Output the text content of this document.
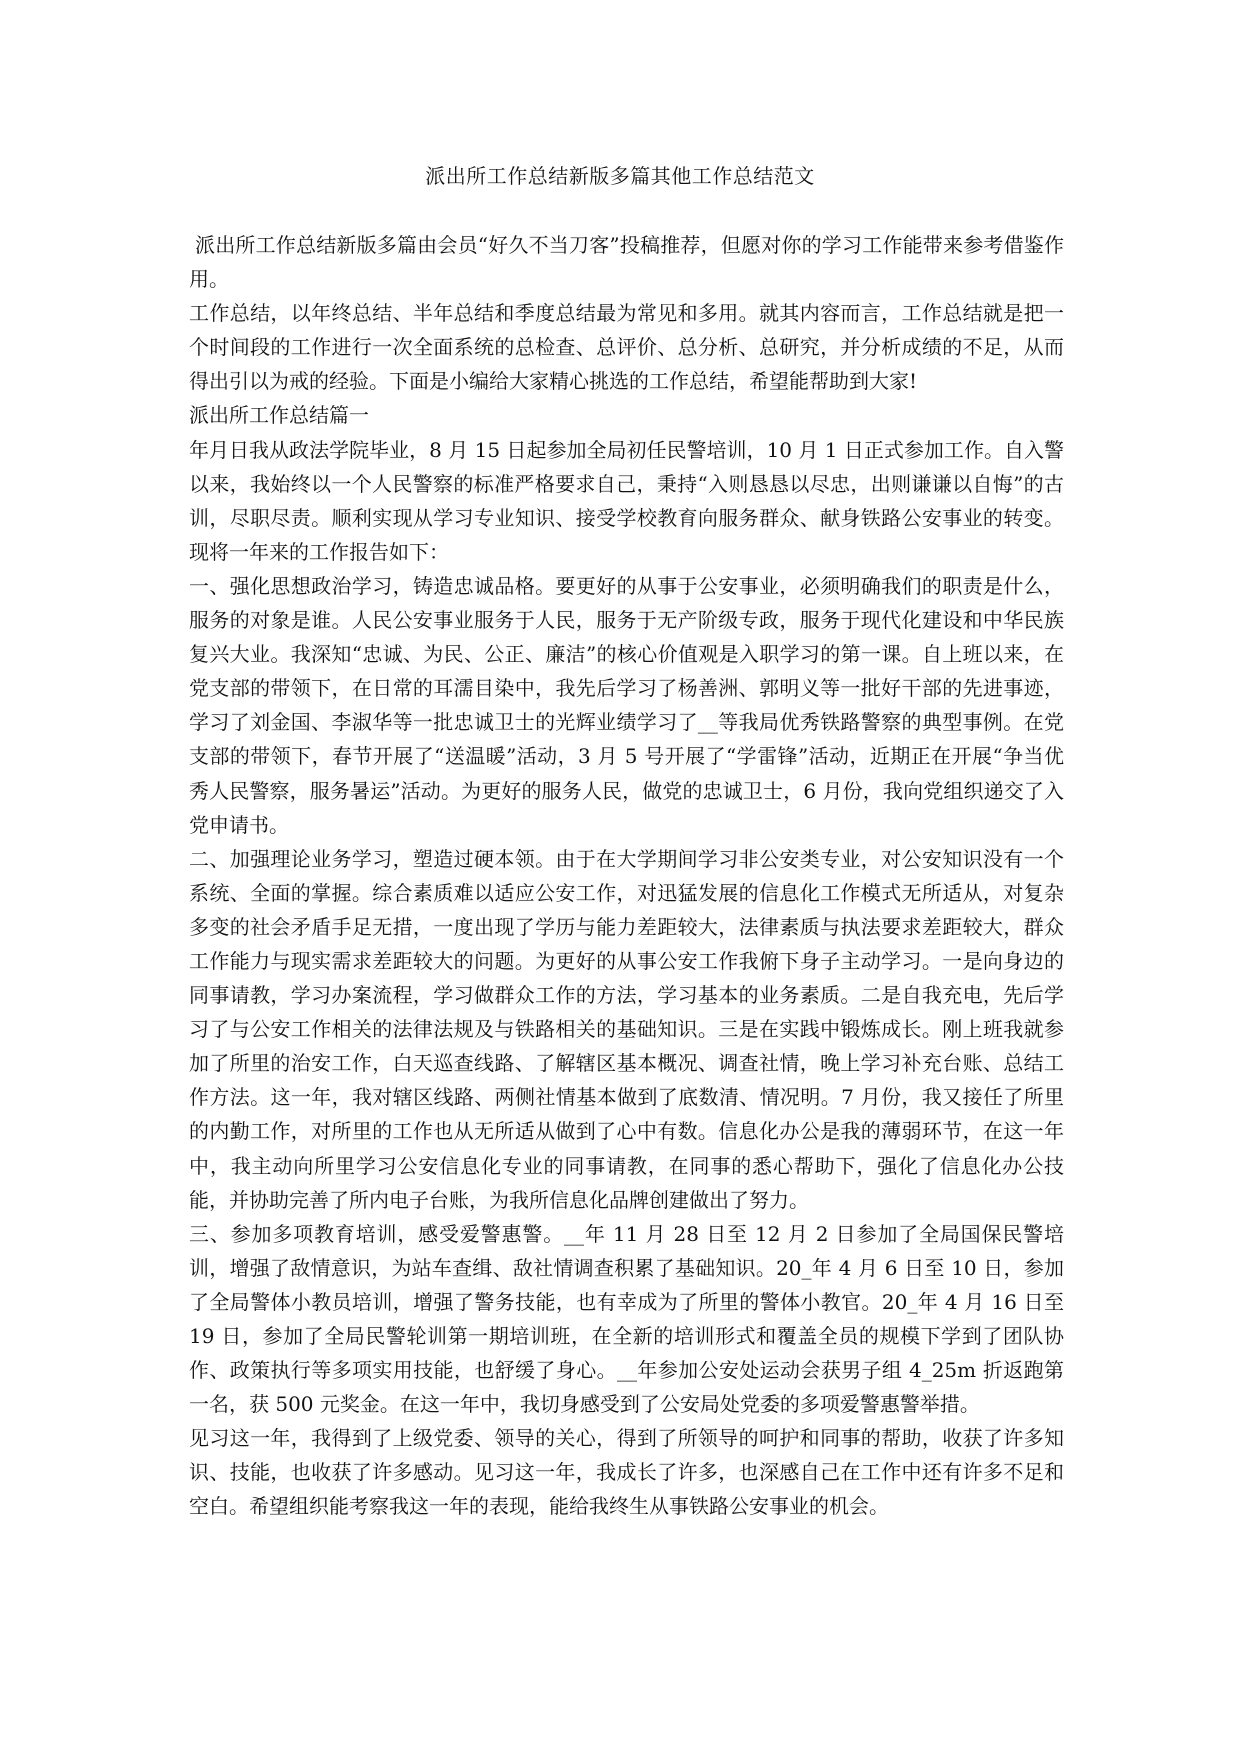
派出所工作总结新版多篇其他工作总结范文

派出所工作总结新版多篇由会员“好久不当刀客”投稿推荐，但愿对你的学习工作能带来参考借鉴作用。

工作总结，以年终总结、半年总结和季度总结最为常见和多用。就其内容而言，工作总结就是把一个时间段的工作进行一次全面系统的总检查、总评价、总分析、总研究，并分析成绩的不足，从而得出引以为戒的经验。下面是小编给大家精心挑选的工作总结，希望能帮助到大家!

派出所工作总结篇一

年月日我从政法学院毕业，8 月 15 日起参加全局初任民警培训，10 月 1 日正式参加工作。自入警以来，我始终以一个人民警察的标准严格要求自己，秉持“入则恳恳以尽忠，出则谦谦以自悔”的古训，尽职尽责。顺利实现从学习专业知识、接受学校教育向服务群众、献身铁路公安事业的转变。现将一年来的工作报告如下：

一、强化思想政治学习，铸造忠诚品格。要更好的从事于公安事业，必须明确我们的职责是什么，服务的对象是谁。人民公安事业服务于人民，服务于无产阶级专政，服务于现代化建设和中华民族复兴大业。我深知“忠诚、为民、公正、廉洁”的核心价值观是入职学习的第一课。自上班以来，在党支部的带领下，在日常的耳濡目染中，我先后学习了杨善洲、郭明义等一批好干部的先进事迹，学习了刘金国、李淑华等一批忠诚卫士的光辉业绩学习了__等我局优秀铁路警察的典型事例。在党支部的带领下，春节开展了“送温暖”活动，3 月 5 号开展了“学雷锋”活动，近期正在开展“争当优秀人民警察，服务暑运”活动。为更好的服务人民，做党的忠诚卫士，6 月份，我向党组织递交了入党申请书。

二、加强理论业务学习，塑造过硬本领。由于在大学期间学习非公安类专业，对公安知识没有一个系统、全面的掌握。综合素质难以适应公安工作，对迅猛发展的信息化工作模式无所适从，对复杂多变的社会矛盾手足无措，一度出现了学历与能力差距较大，法律素质与执法要求差距较大，群众工作能力与现实需求差距较大的问题。为更好的从事公安工作我俯下身子主动学习。一是向身边的同事请教，学习办案流程，学习做群众工作的方法，学习基本的业务素质。二是自我充电，先后学习了与公安工作相关的法律法规及与铁路相关的基础知识。三是在实践中锻炼成长。刚上班我就参加了所里的治安工作，白天巡查线路、了解辖区基本概况、调查社情，晚上学习补充台账、总结工作方法。这一年，我对辖区线路、两侧社情基本做到了底数清、情况明。7 月份，我又接任了所里的内勤工作，对所里的工作也从无所适从做到了心中有数。信息化办公是我的薄弱环节，在这一年中，我主动向所里学习公安信息化专业的同事请教，在同事的悉心帮助下，强化了信息化办公技能，并协助完善了所内电子台账，为我所信息化品牌创建做出了努力。

三、参加多项教育培训，感受爱警惠警。__年 11 月 28 日至 12 月 2 日参加了全局国保民警培训，增强了敌情意识，为站车查缉、敌社情调查积累了基础知识。20_年 4 月 6 日至 10 日，参加了全局警体小教员培训，增强了警务技能，也有幸成为了所里的警体小教官。20_年 4 月 16 日至 19 日，参加了全局民警轮训第一期培训班，在全新的培训形式和覆盖全员的规模下学到了团队协作、政策执行等多项实用技能，也舒缓了身心。__年参加公安处运动会获男子组 4_25m 折返跑第一名，获 500 元奖金。在这一年中，我切身感受到了公安局处党委的多项爱警惠警举措。

见习这一年，我得到了上级党委、领导的关心，得到了所领导的呵护和同事的帮助，收获了许多知识、技能，也收获了许多感动。见习这一年，我成长了许多，也深感自己在工作中还有许多不足和空白。希望组织能考察我这一年的表现，能给我终生从事铁路公安事业的机会。
